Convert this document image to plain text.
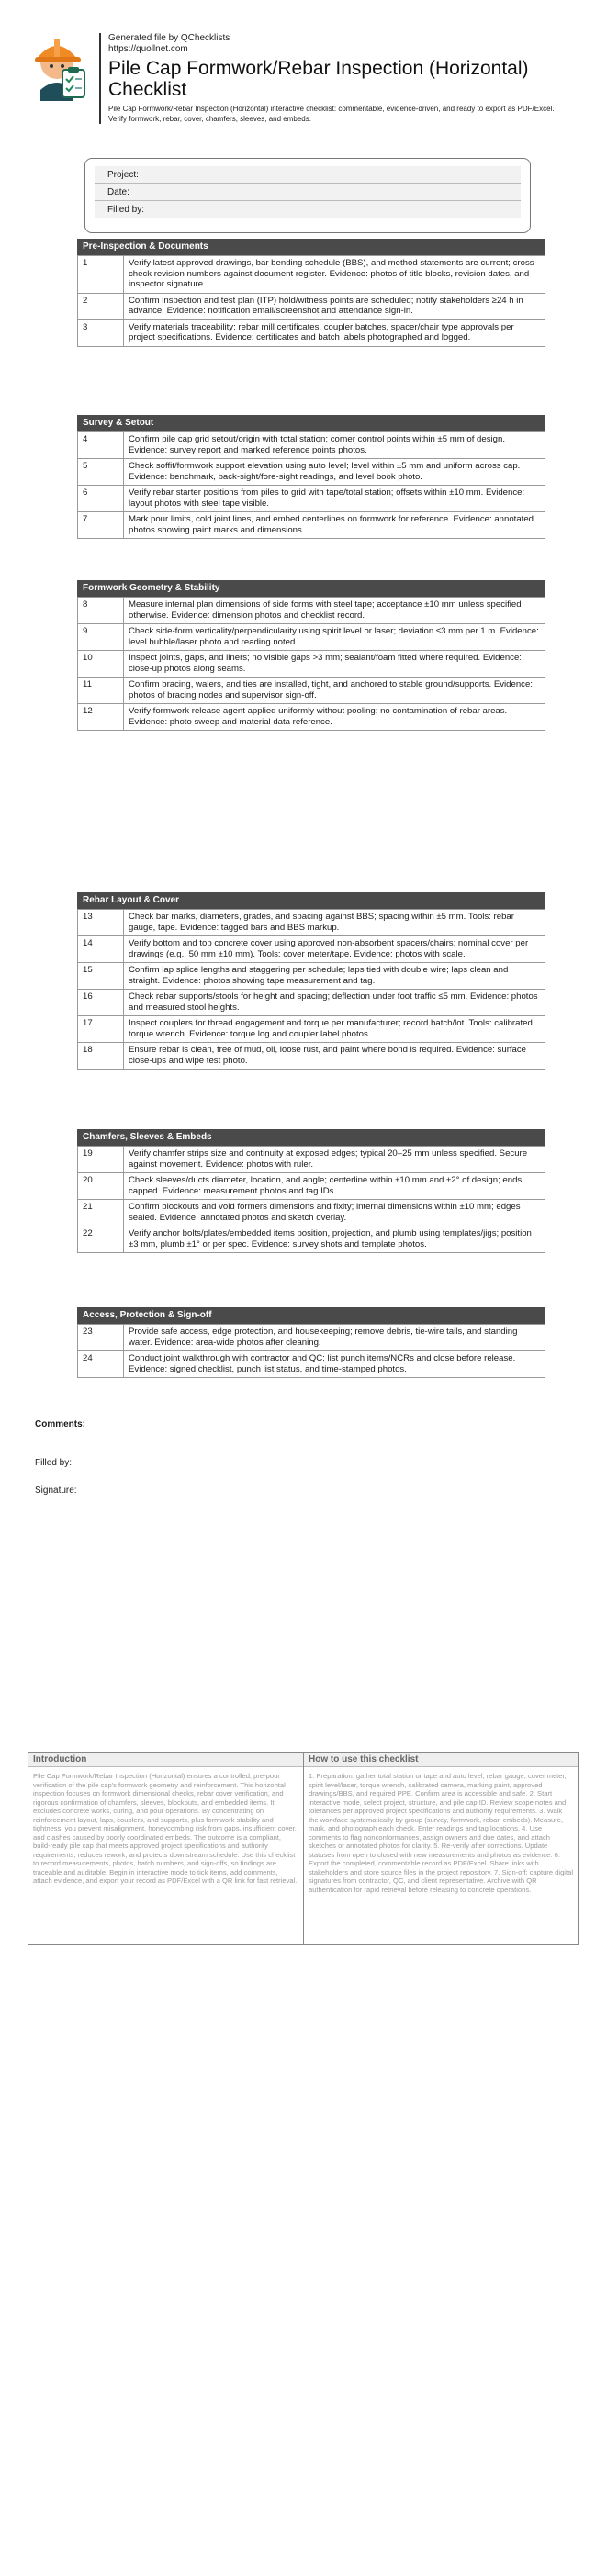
Generated file by QChecklists
https://quollnet.com
Pile Cap Formwork/Rebar Inspection (Horizontal) Checklist
Pile Cap Formwork/Rebar Inspection (Horizontal) interactive checklist: commentable, evidence-driven, and ready to export as PDF/Excel. Verify formwork, rebar, cover, chamfers, sleeves, and embeds.
Project:
Date:
Filled by:
Pre-Inspection & Documents
1	Verify latest approved drawings, bar bending schedule (BBS), and method statements are current; cross-check revision numbers against document register. Evidence: photos of title blocks, revision dates, and inspector signature.
2	Confirm inspection and test plan (ITP) hold/witness points are scheduled; notify stakeholders ≥24 h in advance. Evidence: notification email/screenshot and attendance sign-in.
3	Verify materials traceability: rebar mill certificates, coupler batches, spacer/chair type approvals per project specifications. Evidence: certificates and batch labels photographed and logged.
Survey & Setout
4	Confirm pile cap grid setout/origin with total station; corner control points within ±5 mm of design. Evidence: survey report and marked reference points photos.
5	Check soffit/formwork support elevation using auto level; level within ±5 mm and uniform across cap. Evidence: benchmark, back-sight/fore-sight readings, and level book photo.
6	Verify rebar starter positions from piles to grid with tape/total station; offsets within ±10 mm. Evidence: layout photos with steel tape visible.
7	Mark pour limits, cold joint lines, and embed centerlines on formwork for reference. Evidence: annotated photos showing paint marks and dimensions.
Formwork Geometry & Stability
8	Measure internal plan dimensions of side forms with steel tape; acceptance ±10 mm unless specified otherwise. Evidence: dimension photos and checklist record.
9	Check side-form verticality/perpendicularity using spirit level or laser; deviation ≤3 mm per 1 m. Evidence: level bubble/laser photo and reading noted.
10	Inspect joints, gaps, and liners; no visible gaps >3 mm; sealant/foam fitted where required. Evidence: close-up photos along seams.
11	Confirm bracing, walers, and ties are installed, tight, and anchored to stable ground/supports. Evidence: photos of bracing nodes and supervisor sign-off.
12	Verify formwork release agent applied uniformly without pooling; no contamination of rebar areas. Evidence: photo sweep and material data reference.
Rebar Layout & Cover
13	Check bar marks, diameters, grades, and spacing against BBS; spacing within ±5 mm. Tools: rebar gauge, tape. Evidence: tagged bars and BBS markup.
14	Verify bottom and top concrete cover using approved non-absorbent spacers/chairs; nominal cover per drawings (e.g., 50 mm ±10 mm). Tools: cover meter/tape. Evidence: photos with scale.
15	Confirm lap splice lengths and staggering per schedule; laps tied with double wire; laps clean and straight. Evidence: photos showing tape measurement and tag.
16	Check rebar supports/stools for height and spacing; deflection under foot traffic ≤5 mm. Evidence: photos and measured stool heights.
17	Inspect couplers for thread engagement and torque per manufacturer; record batch/lot. Tools: calibrated torque wrench. Evidence: torque log and coupler label photos.
18	Ensure rebar is clean, free of mud, oil, loose rust, and paint where bond is required. Evidence: surface close-ups and wipe test photo.
Chamfers, Sleeves & Embeds
19	Verify chamfer strips size and continuity at exposed edges; typical 20–25 mm unless specified. Secure against movement. Evidence: photos with ruler.
20	Check sleeves/ducts diameter, location, and angle; centerline within ±10 mm and ±2° of design; ends capped. Evidence: measurement photos and tag IDs.
21	Confirm blockouts and void formers dimensions and fixity; internal dimensions within ±10 mm; edges sealed. Evidence: annotated photos and sketch overlay.
22	Verify anchor bolts/plates/embedded items position, projection, and plumb using templates/jigs; position ±3 mm, plumb ±1° or per spec. Evidence: survey shots and template photos.
Access, Protection & Sign-off
23	Provide safe access, edge protection, and housekeeping; remove debris, tie-wire tails, and standing water. Evidence: area-wide photos after cleaning.
24	Conduct joint walkthrough with contractor and QC; list punch items/NCRs and close before release. Evidence: signed checklist, punch list status, and time-stamped photos.
Comments:
Filled by:
Signature:
Introduction
Pile Cap Formwork/Rebar Inspection (Horizontal) ensures a controlled, pre-pour verification of the pile cap's formwork geometry and reinforcement. This horizontal inspection focuses on formwork dimensional checks, rebar cover verification, and rigorous confirmation of chamfers, sleeves, blockouts, and embedded items. It excludes concrete works, curing, and pour operations. By concentrating on reinforcement layout, laps, couplers, and supports, plus formwork stability and tightness, you prevent misalignment, honeycombing risk from gaps, insufficient cover, and clashes caused by poorly coordinated embeds. The outcome is a compliant, build-ready pile cap that meets approved project specifications and authority requirements, reduces rework, and protects downstream schedule. Use this checklist to record measurements, photos, batch numbers, and sign-offs, so findings are traceable and auditable. Begin in interactive mode to tick items, add comments, attach evidence, and export your record as PDF/Excel with a QR link for fast retrieval.
How to use this checklist
1. Preparation: gather total station or tape and auto level, rebar gauge, cover meter, spirit level/laser, torque wrench, calibrated camera, marking paint, approved drawings/BBS, and required PPE. Confirm area is accessible and safe. 2. Start interactive mode, select project, structure, and pile cap ID. Review scope notes and tolerances per approved project specifications and authority requirements. 3. Walk the workface systematically by group (survey, formwork, rebar, embeds). Measure, mark, and photograph each check. Enter readings and tag locations. 4. Use comments to flag nonconformances, assign owners and due dates, and attach sketches or annotated photos for clarity. 5. Re-verify after corrections. Update statuses from open to closed with new measurements and photos as evidence. 6. Export the completed, commentable record as PDF/Excel. Share links with stakeholders and store source files in the project repository. 7. Sign-off: capture digital signatures from contractor, QC, and client representative. Archive with QR authentication for rapid retrieval before releasing to concrete operations.
